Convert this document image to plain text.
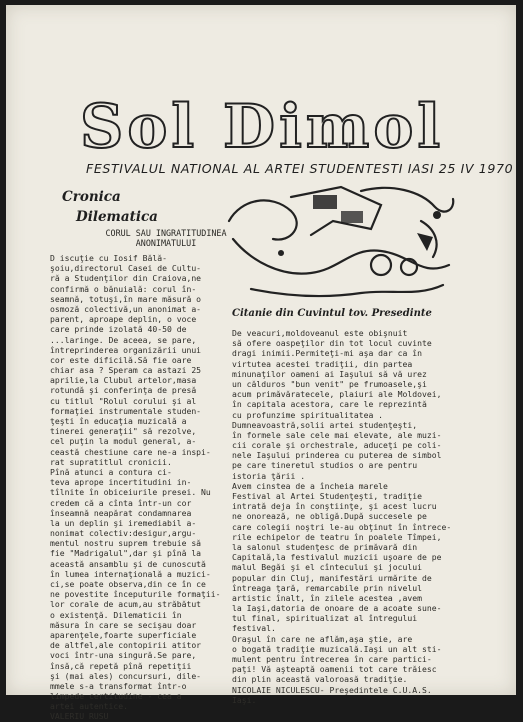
Sol Dimol
FESTIVALUL NATIONAL AL ARTEI STUDENTESTI IASI 25 IV 1970
Cronica
Dilematica
CORUL SAU INGRATITUDINEA
ANONIMATULUI
D iscuţie cu Iosif Bălă-
şoiu,directorul Casei de Cultu-
ră a Studenţilor din Craiova,ne
confirmă o bănuială: corul în-
seamnă, totuşi,în mare măsură o
osmoză colectivă,un anonimat a-
parent, aproape deplin, o voce
care prinde izolată 40-50 de
...laringe. De aceea, se pare,
întreprinderea organizării unui
cor este dificilă.Să fie oare
chiar asa ? Speram ca astazi 25
aprilie,la Clubul artelor,masa
rotundă şi conferinţa de presă
cu titlul "Rolul corului şi al
formaţiei instrumentale studen-
ţeşti în educaţia muzicală a
tinerei generaţii" să rezolve,
cel puţin la modul general, a-
ceastă chestiune care ne-a inspi-
rat supratitlul cronicii.
Pînă atunci a contura ci-
teva aprope incertitudini in-
tîlnite în obiceiurile presei. Nu
credem că a cînta într-un cor
înseamnă neapărat condamnarea
la un deplin şi iremediabil a-
nonimat colectiv:desigur,argu-
mentul nostru suprem trebuie să
fie "Madrigalul",dar şi pînă la
această ansamblu şi de cunoscută
în lumea internaţională a muzici-
ci,se poate observa,din ce în ce
ne povestite începuturile formaţii-
lor corale de acum,au străbătut
o existenţă. Dilematicii în
măsura în care se secişau doar
aparenţele,foarte superficiale
de altfel,ale contopirii atitor
voci într-una singură.Se pare,
însă,că repetă pînă repetiţii
şi (mai ales) concursuri, dile-
mmele s-a transformat într-o
limpede certitudine - cea a
artei autentice.
VALERIU RUSU
Citanie din Cuvintul tov. Presedinte
De veacuri,moldoveanul este obişnuit
să ofere oaspeţilor din tot locul cuvinte
dragi inimii.Permiteţi-mi aşa dar ca în
virtutea acestei tradiţii, din partea
minunaţilor oameni ai Iaşului să vă urez
un călduros "bun venit" pe frumoasele,şi
acum primăvăratecele, plaiuri ale Moldovei,
în capitala acestora, care le reprezintă
cu profunzime spiritualitatea .
Dumneavoastră,solii artei studenţeşti,
în formele sale cele mai elevate, ale muzi-
cii corale şi orchestrale, aduceţi pe coli-
nele Iaşului prinderea cu puterea de simbol
pe care tineretul studios o are pentru
istoria ţării .
Avem cinstea de a încheia marele
Festival al Artei Studenţeşti, tradiţie
intrată deja în conştiinţe, şi acest lucru
ne onorează, ne obligă.După succesele pe
care colegii noştri le-au obţinut în întrece-
rile echipelor de teatru în poalele Tîmpei,
la salonul studenţesc de primăvară din
Capitală,la festivalul muzicii uşoare de pe
malul Begăi şi el cîntecului şi jocului
popular din Cluj, manifestări urmărite de
întreaga ţară, remarcabile prin nivelul
artistic înalt, în zilele acestea ,avem
la Iaşi,datoria de onoare de a acoate sune-
tul final, spiritualizat al întregului
festival.
Oraşul în care ne aflăm,aşa ştie, are
o bogată tradiţie muzicală.Iaşi un alt sti-
mulent pentru întrecerea în care partici-
paţi! Vă aşteaptă oamenii tot care trăiesc
din plin această valoroasă tradiţie.
NICOLAIE NICULESCU- Preşedintele C.U.A.S.
Iaşi.
